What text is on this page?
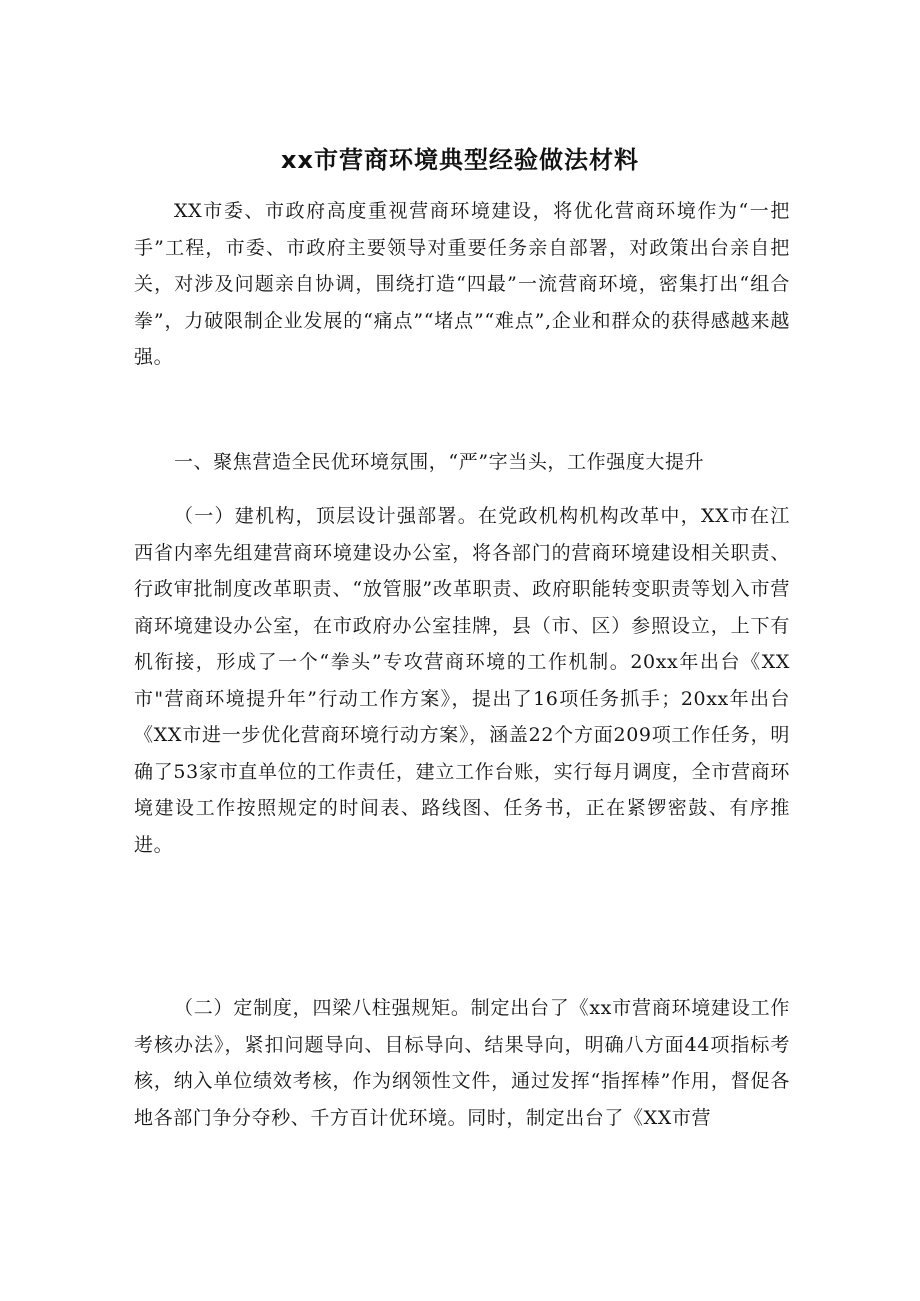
xx市营商环境典型经验做法材料

XX市委、市政府高度重视营商环境建设，将优化营商环境作为“一把手”工程，市委、市政府主要领导对重要任务亲自部署，对政策出台亲自把关，对涉及问题亲自协调，围绕打造“四最”一流营商环境，密集打出“组合拳”，力破限制企业发展的“痛点”“堵点”“难点”,企业和群众的获得感越来越强。

一、聚焦营造全民优环境氛围，“严”字当头，工作强度大提升

（一）建机构，顶层设计强部署。在党政机构机构改革中，XX市在江西省内率先组建营商环境建设办公室，将各部门的营商环境建设相关职责、行政审批制度改革职责、“放管服”改革职责、政府职能转变职责等划入市营商环境建设办公室，在市政府办公室挂牌，县（市、区）参照设立，上下有机衔接，形成了一个“拳头”专攻营商环境的工作机制。20xx年出台《XX市"营商环境提升年”行动工作方案》，提出了16项任务抓手；20xx年出台《XX市进一步优化营商环境行动方案》，涵盖22个方面209项工作任务，明确了53家市直单位的工作责任，建立工作台账，实行每月调度，全市营商环境建设工作按照规定的时间表、路线图、任务书，正在紧锣密鼓、有序推进。

（二）定制度，四梁八柱强规矩。制定出台了《xx市营商环境建设工作考核办法》，紧扣问题导向、目标导向、结果导向，明确八方面44项指标考核，纳入单位绩效考核，作为纲领性文件，通过发挥“指挥棒”作用，督促各地各部门争分夺秒、千方百计优环境。同时，制定出台了《XX市营
